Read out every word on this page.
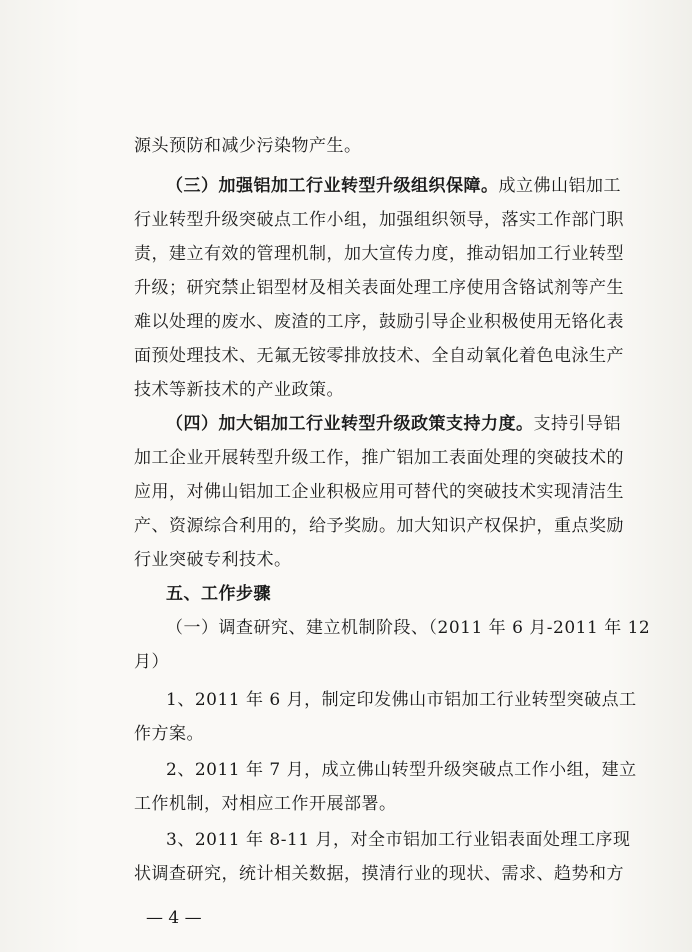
源头预防和减少污染物产生。
（三）加强铝加工行业转型升级组织保障。成立佛山铝加工
行业转型升级突破点工作小组，加强组织领导，落实工作部门职
责，建立有效的管理机制，加大宣传力度，推动铝加工行业转型
升级；研究禁止铝型材及相关表面处理工序使用含铬试剂等产生
难以处理的废水、废渣的工序，鼓励引导企业积极使用无铬化表
面预处理技术、无氟无铵零排放技术、全自动氧化着色电泳生产
技术等新技术的产业政策。
（四）加大铝加工行业转型升级政策支持力度。支持引导铝
加工企业开展转型升级工作，推广铝加工表面处理的突破技术的
应用，对佛山铝加工企业积极应用可替代的突破技术实现清洁生
产、资源综合利用的，给予奖励。加大知识产权保护，重点奖励
行业突破专利技术。
五、工作步骤
（一）调查研究、建立机制阶段、（2011 年 6 月-2011 年 12
月）
1、2011 年 6 月，制定印发佛山市铝加工行业转型突破点工
作方案。
2、2011 年 7 月，成立佛山转型升级突破点工作小组，建立
工作机制，对相应工作开展部署。
3、2011 年 8-11 月，对全市铝加工行业铝表面处理工序现
状调查研究，统计相关数据，摸清行业的现状、需求、趋势和方
— 4 —
